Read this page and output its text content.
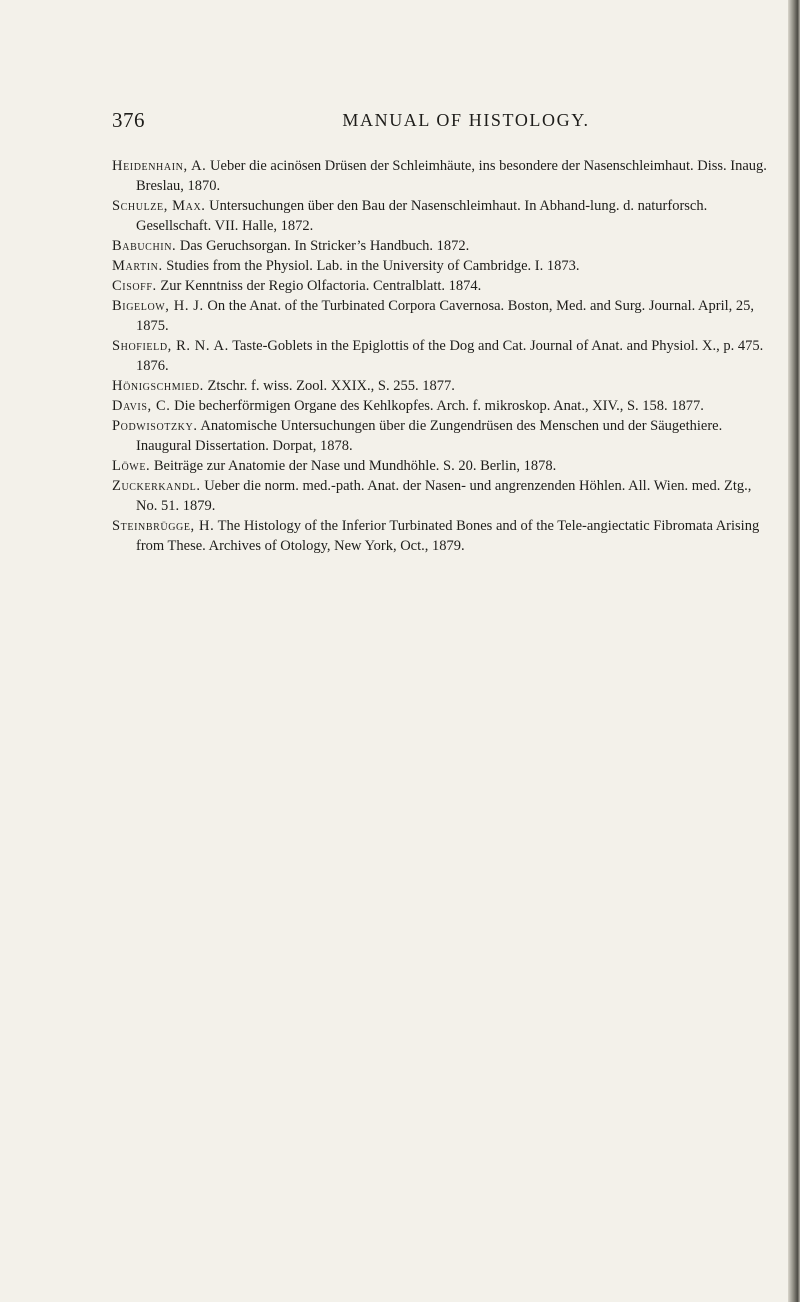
376	MANUAL OF HISTOLOGY.
Heidenhain, A. Ueber die acinösen Drüsen der Schleimhäute, ins besondere der Nasenschleimhaut. Diss. Inaug. Breslau, 1870.
Schulze, Max. Untersuchungen über den Bau der Nasenschleimhaut. In Abhand-lung. d. naturforsch. Gesellschaft. VII. Halle, 1872.
Babuchin. Das Geruchsorgan. In Stricker’s Handbuch. 1872.
Martin. Studies from the Physiol. Lab. in the University of Cambridge. I. 1873.
Cisoff. Zur Kenntniss der Regio Olfactoria. Centralblatt. 1874.
Bigelow, H. J. On the Anat. of the Turbinated Corpora Cavernosa. Boston, Med. and Surg. Journal. April, 25, 1875.
Shofield, R. N. A. Taste-Goblets in the Epiglottis of the Dog and Cat. Journal of Anat. and Physiol. X., p. 475. 1876.
Hönigschmied. Ztschr. f. wiss. Zool. XXIX., S. 255. 1877.
Davis, C. Die becherförmigen Organe des Kehlkopfes. Arch. f. mikroskop. Anat., XIV., S. 158. 1877.
Podwisotzky. Anatomische Untersuchungen über die Zungendrüsen des Menschen und der Säugethiere. Inaugural Dissertation. Dorpat, 1878.
Löwe. Beiträge zur Anatomie der Nase und Mundhöhle. S. 20. Berlin, 1878.
Zuckerkandl. Ueber die norm. med.-path. Anat. der Nasen- und angrenzenden Höhlen. All. Wien. med. Ztg., No. 51. 1879.
Steinbrügge, H. The Histology of the Inferior Turbinated Bones and of the Tele-angiectatic Fibromata Arising from These. Archives of Otology, New York, Oct., 1879.
